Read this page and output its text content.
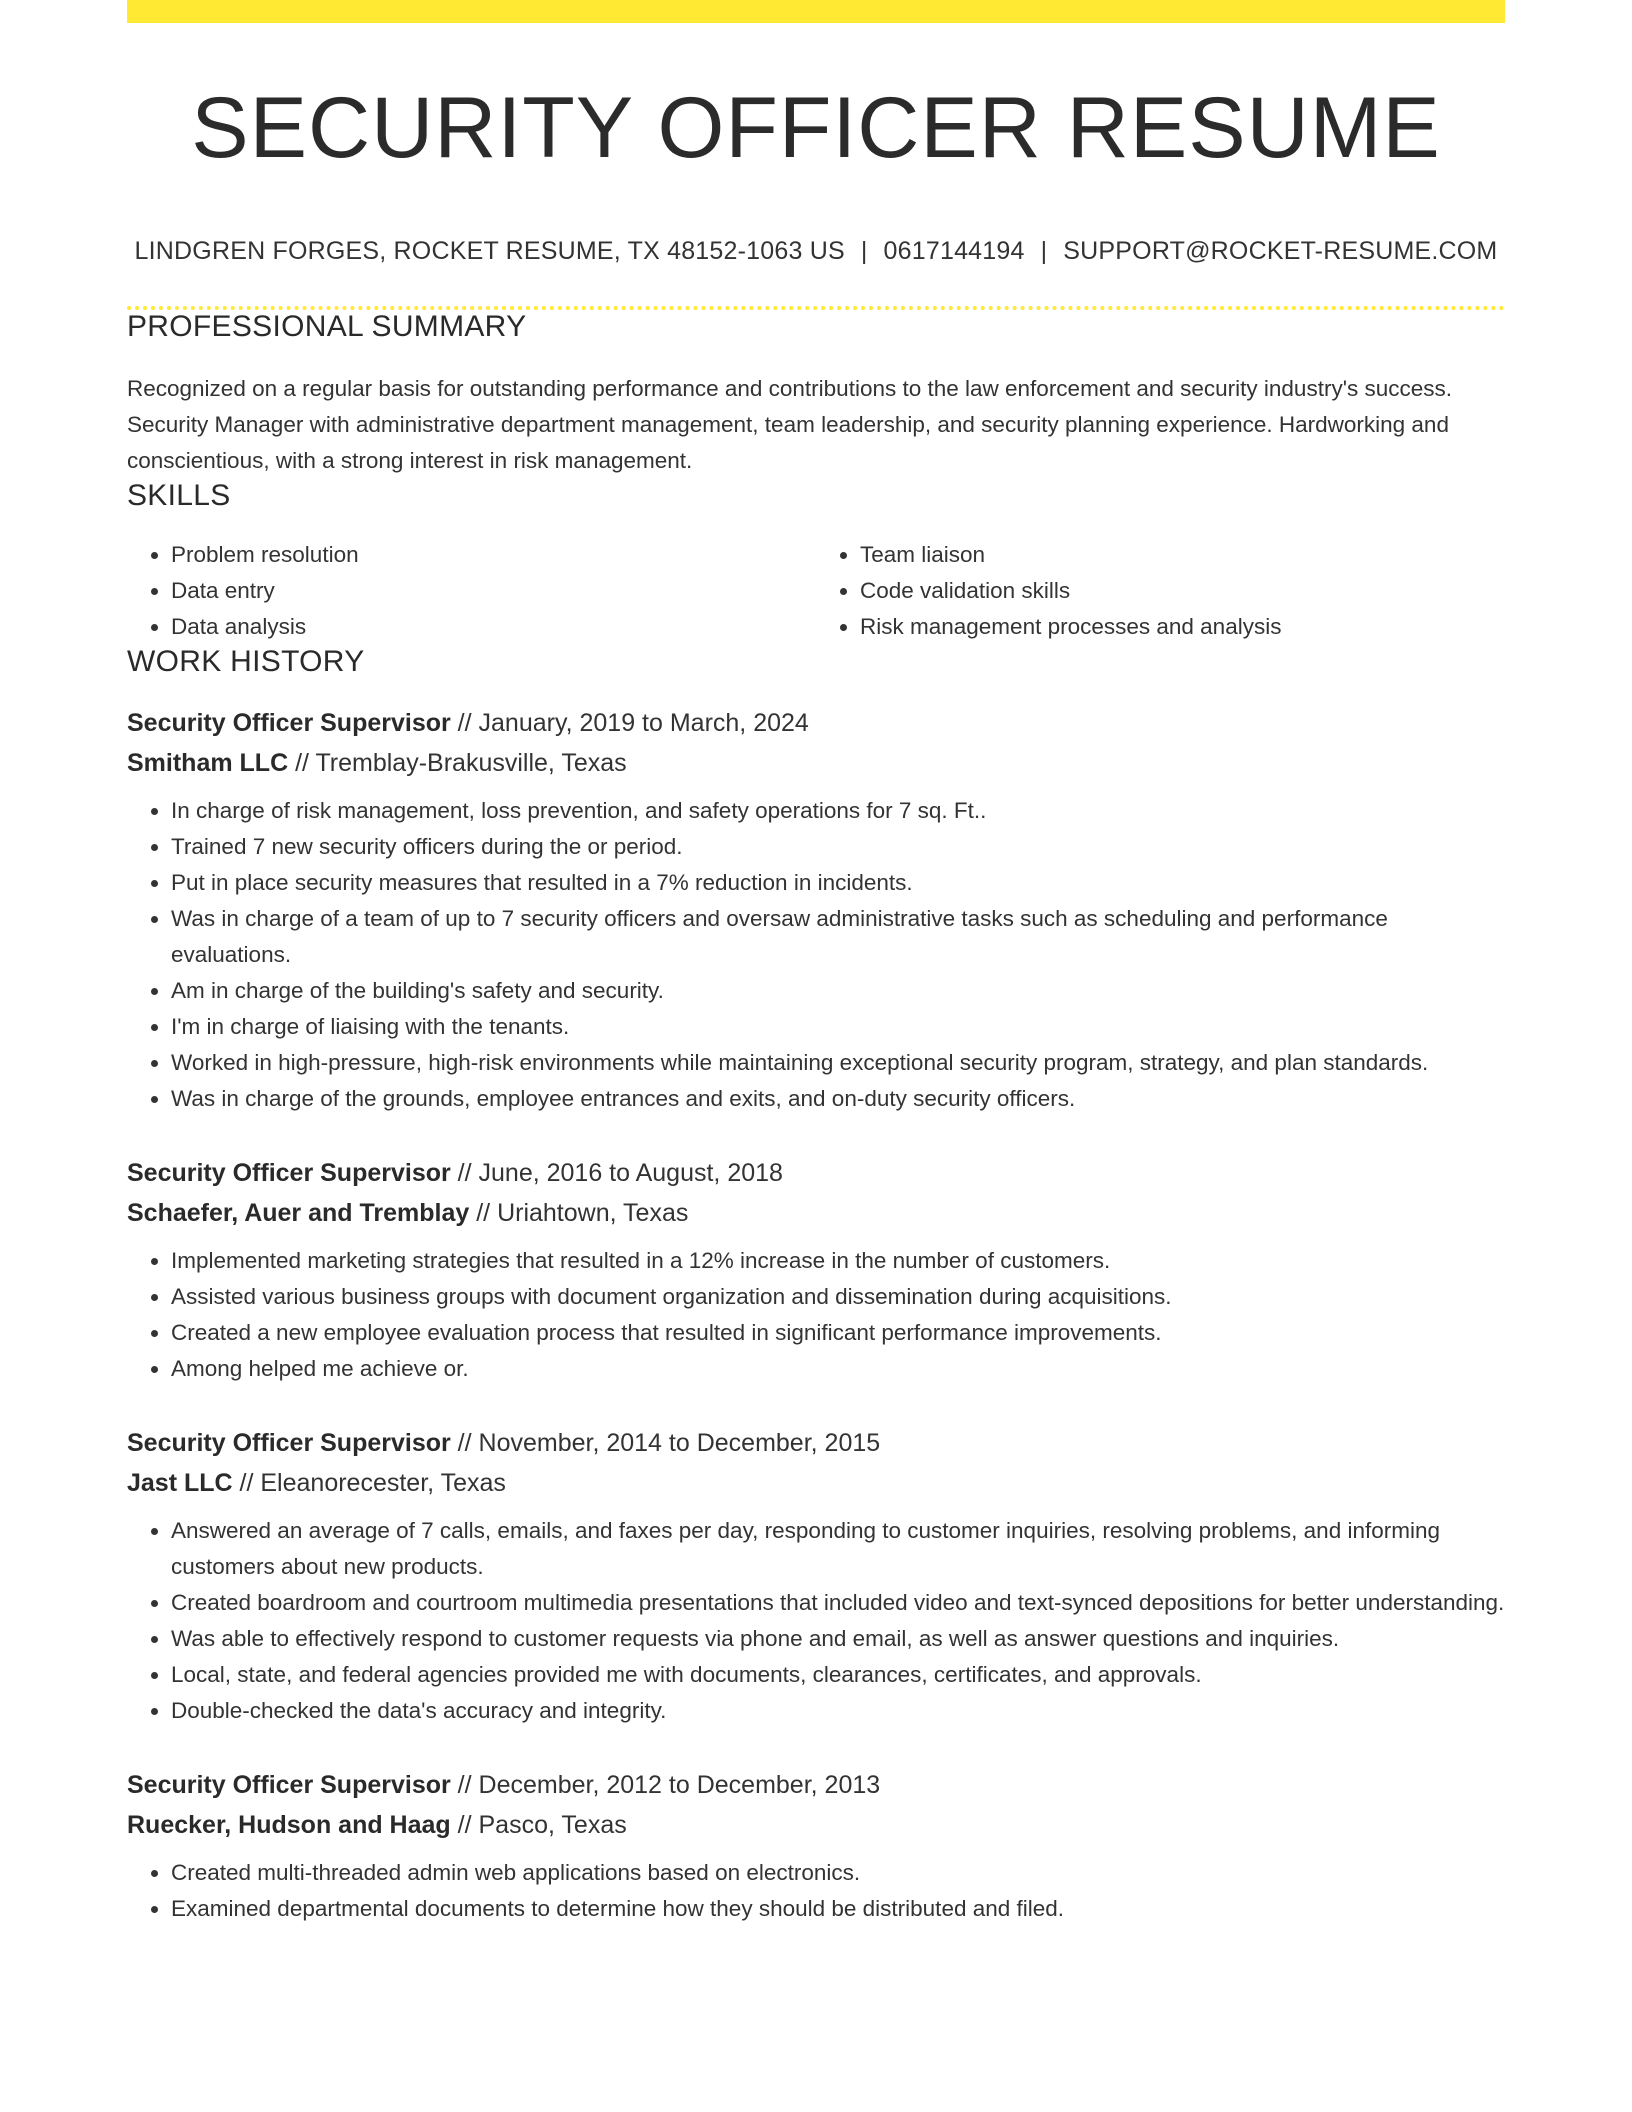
SECURITY OFFICER RESUME
LINDGREN FORGES, ROCKET RESUME, TX 48152-1063 US | 0617144194 | SUPPORT@ROCKET-RESUME.COM
PROFESSIONAL SUMMARY
Recognized on a regular basis for outstanding performance and contributions to the law enforcement and security industry's success. Security Manager with administrative department management, team leadership, and security planning experience. Hardworking and conscientious, with a strong interest in risk management.
SKILLS
• Problem resolution
• Data entry
• Data analysis
• Team liaison
• Code validation skills
• Risk management processes and analysis
WORK HISTORY
Security Officer Supervisor // January, 2019 to March, 2024
Smitham LLC // Tremblay-Brakusville, Texas
• In charge of risk management, loss prevention, and safety operations for 7 sq. Ft..
• Trained 7 new security officers during the or period.
• Put in place security measures that resulted in a 7% reduction in incidents.
• Was in charge of a team of up to 7 security officers and oversaw administrative tasks such as scheduling and performance evaluations.
• Am in charge of the building's safety and security.
• I'm in charge of liaising with the tenants.
• Worked in high-pressure, high-risk environments while maintaining exceptional security program, strategy, and plan standards.
• Was in charge of the grounds, employee entrances and exits, and on-duty security officers.
Security Officer Supervisor // June, 2016 to August, 2018
Schaefer, Auer and Tremblay // Uriahtown, Texas
• Implemented marketing strategies that resulted in a 12% increase in the number of customers.
• Assisted various business groups with document organization and dissemination during acquisitions.
• Created a new employee evaluation process that resulted in significant performance improvements.
• Among helped me achieve or.
Security Officer Supervisor // November, 2014 to December, 2015
Jast LLC // Eleanorecester, Texas
• Answered an average of 7 calls, emails, and faxes per day, responding to customer inquiries, resolving problems, and informing customers about new products.
• Created boardroom and courtroom multimedia presentations that included video and text-synced depositions for better understanding.
• Was able to effectively respond to customer requests via phone and email, as well as answer questions and inquiries.
• Local, state, and federal agencies provided me with documents, clearances, certificates, and approvals.
• Double-checked the data's accuracy and integrity.
Security Officer Supervisor // December, 2012 to December, 2013
Ruecker, Hudson and Haag // Pasco, Texas
• Created multi-threaded admin web applications based on electronics.
• Examined departmental documents to determine how they should be distributed and filed.
